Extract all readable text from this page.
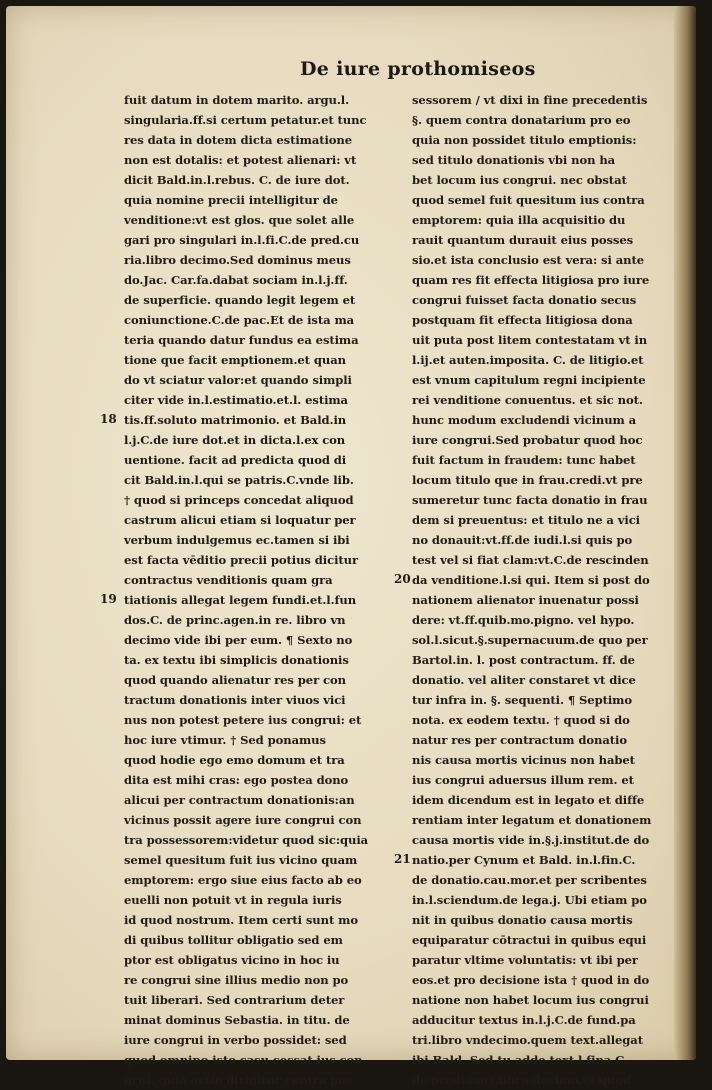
De iure prothomiseos
fuit datum in dotem marito. argu.l.
singularia.ff.si certum petatur.et tunc
res data in dotem dicta estimatione
non est dotalis: et potest alienari: vt
dicit Bald.in.l.rebus. C. de iure dot.
quia nomine precii intelligitur de
venditione:vt est glos. que solet alle
gari pro singulari in.l.fi.C.de pred.cu
ria.libro decimo.Sed dominus meus
do.Jac. Car.fa.dabat sociam in.l.j.ff.
de superficie. quando legit legem et
coniunctione.C.de pac.Et de ista ma
teria quando datur fundus ea estima
tione que facit emptionem.et quan
do vt sciatur valor:et quando simpli
citer vide in.l.estimatio.et.l. estima
tis.ff.soluto matrimonio. et Bald.in
l.j.C.de iure dot.et in dicta.l.ex con
uentione. facit ad predicta quod di
cit Bald.in.l.qui se patris.C.vnde lib.
† quod si princeps concedat aliquod
castrum alicui etiam si loquatur per
verbum indulgemus ec.tamen si ibi
est facta vēditio precii potius dicitur
contractus venditionis quam gra
tiationis allegat legem fundi.et.l.fun
dos.C. de princ.agen.in re. libro vn
decimo vide ibi per eum. ¶ Sexto no
ta. ex textu ibi simplicis donationis
quod quando alienatur res per con
tractum donationis inter viuos vici
nus non potest petere ius congrui: et
hoc iure vtimur. † Sed ponamus
quod hodie ego emo domum et tra
dita est mihi cras: ego postea dono
alicui per contractum donationis:an
vicinus possit agere iure congrui con
tra possessorem:videtur quod sic:quia
semel quesitum fuit ius vicino quam
emptorem: ergo siue eius facto ab eo
euelli non potuit vt in regula iuris
id quod nostrum. Item certi sunt mo
di quibus tollitur obligatio sed em
ptor est obligatus vicino in hoc iu
re congrui sine illius medio non po
tuit liberari. Sed contrarium deter
minat dominus Sebastia. in titu. de
iure congrui in verbo possidet: sed
quod omnino isto casu cessat ius con
grui: quia actio dirigitur contra pos
sessorem / vt dixi in fine precedentis
§. quem contra donatarium pro eo
quia non possidet titulo emptionis:
sed titulo donationis vbi non ha
bet locum ius congrui. nec obstat
quod semel fuit quesitum ius contra
emptorem: quia illa acquisitio du
rauit quantum durauit eius posses
sio.et ista conclusio est vera: si ante
quam res fit effecta litigiosa pro iure
congrui fuisset facta donatio secus
postquam fit effecta litigiosa dona
uit puta post litem contestatam vt in
l.ij.et auten.imposita. C. de litigio.et
est vnum capitulum regni incipiente
rei venditione conuentus. et sic not.
hunc modum excludendi vicinum a
iure congrui.Sed probatur quod hoc
fuit factum in fraudem: tunc habet
locum titulo que in frau.credi.vt pre
sumeretur tunc facta donatio in frau
dem si preuentus: et titulo ne a vici
no donauit:vt.ff.de iudi.l.si quis po
test vel si fiat clam:vt.C.de rescinden
da venditione.l.si qui. Item si post do
nationem alienator inuenatur possi
dere: vt.ff.quib.mo.pigno. vel hypo.
sol.l.sicut.§.supernacuum.de quo per
Bartol.in. l. post contractum. ff. de
donatio. vel aliter constaret vt dice
tur infra in. §. sequenti. ¶ Septimo
nota. ex eodem textu. † quod si do
natur res per contractum donatio
nis causa mortis vicinus non habet
ius congrui aduersus illum rem. et
idem dicendum est in legato et diffe
rentiam inter legatum et donationem
causa mortis vide in.§.j.institut.de do
natio.per Cynum et Bald. in.l.fin.C.
de donatio.cau.mor.et per scribentes
in.l.sciendum.de lega.j. Ubi etiam po
nit in quibus donatio causa mortis
equiparatur cōtractui in quibus equi
paratur vltime voluntatis: vt ibi per
eos.et pro decisione ista † quod in do
natione non habet locum ius congrui
adducitur textus in.l.j.C.de fund.pa
tri.libro vndecimo.quem text.allegat
ibi Bald. Sed tu adde text.l.fina.C.
de predi.curi.libro decimo.et quod
18
19
20
21
